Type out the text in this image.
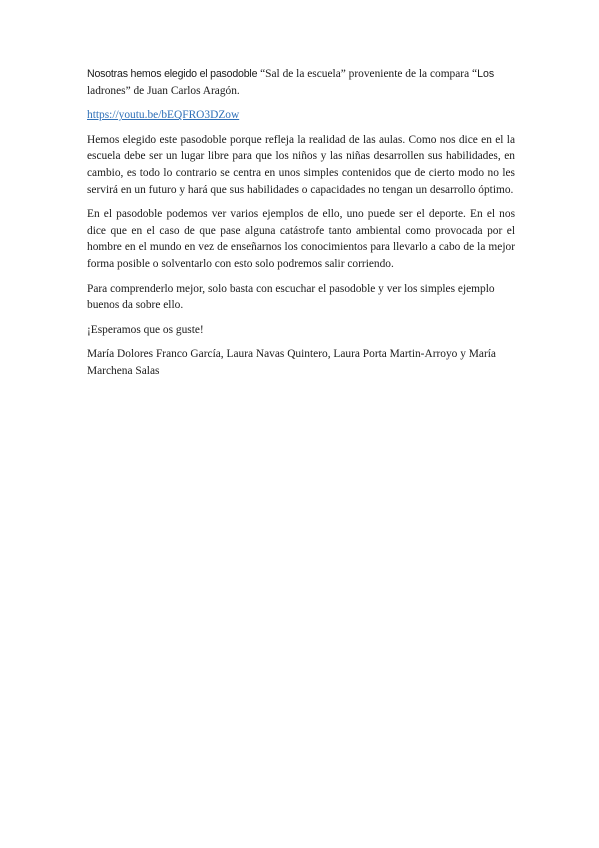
Nosotras hemos elegido el pasodoble “Sal de la escuela” proveniente de la compara “Los ladrones” de Juan Carlos Aragón.

https://youtu.be/bEQFRO3DZow

Hemos elegido este pasodoble porque refleja la realidad de las aulas. Como nos dice en el la escuela debe ser un lugar libre para que los niños y las niñas desarrollen sus habilidades, en cambio, es todo lo contrario se centra en unos simples contenidos que de cierto modo no les servirá en un futuro y hará que sus habilidades o capacidades no tengan un desarrollo óptimo.

En el pasodoble podemos ver varios ejemplos de ello, uno puede ser el deporte. En el nos dice que en el caso de que pase alguna catástrofe tanto ambiental como provocada por el hombre en el mundo en vez de enseñarnos los conocimientos para llevarlo a cabo de la mejor forma posible o solventarlo con esto solo podremos salir corriendo.

Para comprenderlo mejor, solo basta con escuchar el pasodoble y ver los simples ejemplo buenos da sobre ello.

¡Esperamos que os guste!

María Dolores Franco García, Laura Navas Quintero, Laura Porta Martin-Arroyo y María Marchena Salas
